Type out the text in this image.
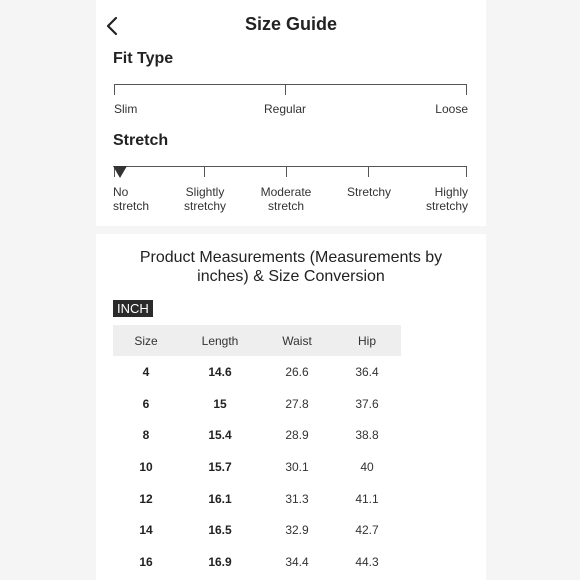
Size Guide
Fit Type
Slim	Regular	Loose
Stretch
No
stretch
Slightly
stretchy
Moderate
stretch
Stretchy	Highly
stretchy
Product Measurements (Measurements by
inches) & Size Conversion
INCH
Size	Length	Waist	Hip
4	14.6	26.6	36.4
6	15	27.8	37.6
8	15.4	28.9	38.8
10	15.7	30.1	40
12	16.1	31.3	41.1
14	16.5	32.9	42.7
16	16.9	34.4	44.3
